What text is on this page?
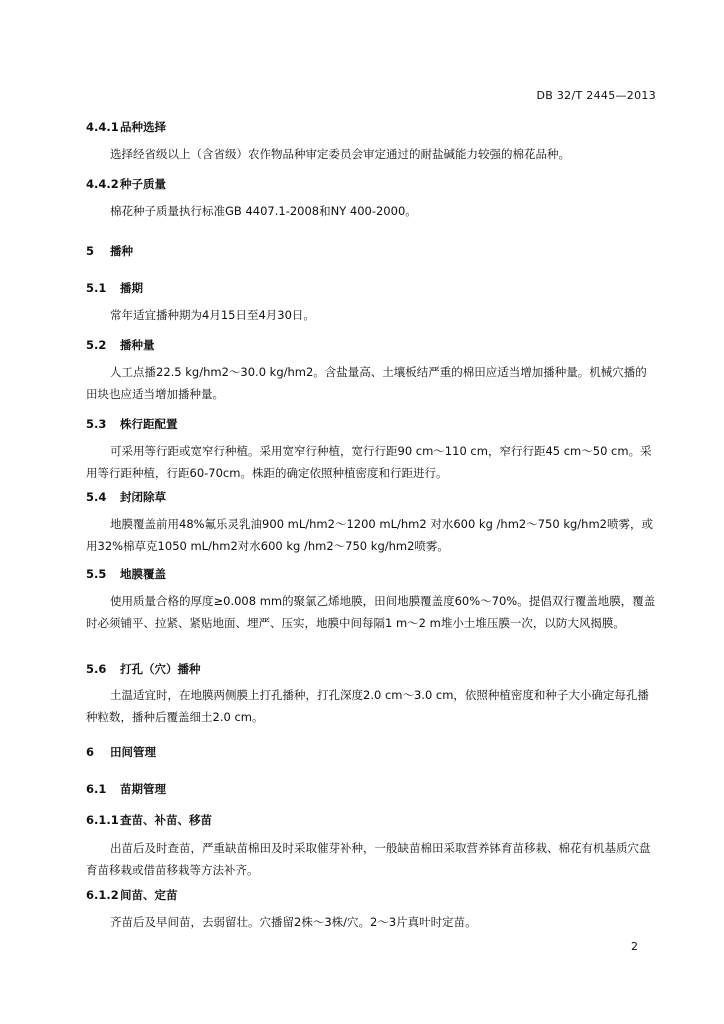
DB 32/T 2445—2013
4.4.1品种选择
选择经省级以上（含省级）农作物品种审定委员会审定通过的耐盐碱能力较强的棉花品种。
4.4.2种子质量
棉花种子质量执行标准GB 4407.1-2008和NY 400-2000。
5 播种
5.1 播期
常年适宜播种期为4月15日至4月30日。
5.2 播种量
人工点播22.5 kg/hm2～30.0 kg/hm2。含盐量高、土壤板结严重的棉田应适当增加播种量。机械穴播的田块也应适当增加播种量。
5.3 株行距配置
可采用等行距或宽窄行种植。采用宽窄行种植，宽行行距90 cm～110 cm，窄行行距45 cm～50 cm。采用等行距种植，行距60-70cm。株距的确定依照种植密度和行距进行。
5.4 封闭除草
地膜覆盖前用48%氟乐灵乳油900 mL/hm2～1200 mL/hm2 对水600 kg /hm2～750 kg/hm2喷雾，或用32%棉草克1050 mL/hm2对水600 kg /hm2～750 kg/hm2喷雾。
5.5 地膜覆盖
使用质量合格的厚度≥0.008 mm的聚氯乙烯地膜，田间地膜覆盖度60%～70%。提倡双行覆盖地膜，覆盖时必须铺平、拉紧、紧贴地面、埋严、压实，地膜中间每隔1 m～2 m堆小土堆压膜一次，以防大风揭膜。
5.6 打孔（穴）播种
土温适宜时，在地膜两侧膜上打孔播种，打孔深度2.0 cm～3.0 cm，依照种植密度和种子大小确定每孔播种粒数，播种后覆盖细土2.0 cm。
6 田间管理
6.1 苗期管理
6.1.1查苗、补苗、移苗
出苗后及时查苗，严重缺苗棉田及时采取催芽补种，一般缺苗棉田采取营养钵育苗移栽、棉花有机基质穴盘育苗移栽或借苗移栽等方法补齐。
6.1.2间苗、定苗
齐苗后及早间苗，去弱留壮。穴播留2株～3株/穴。2～3片真叶时定苗。
2
